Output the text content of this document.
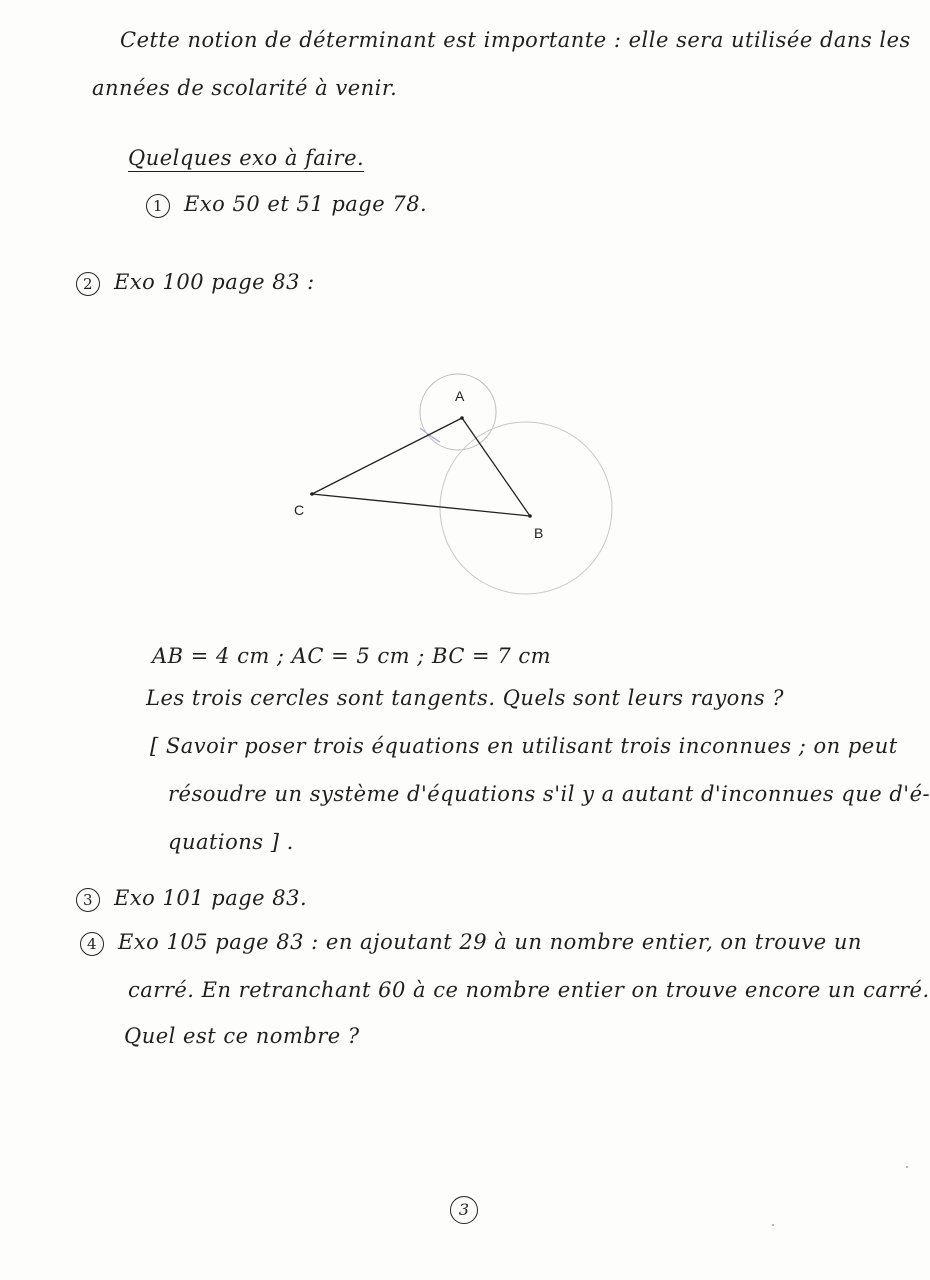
Cette notion de déterminant est importante : elle sera utilisée dans les
années de scolarité à venir.
Quelques exo à faire.
1 Exo 50 et 51 page 78.
2 Exo 100 page 83 :
A
B
C
AB = 4 cm ; AC = 5 cm ; BC = 7 cm
Les trois cercles sont tangents. Quels sont leurs rayons ?
[ Savoir poser trois équations en utilisant trois inconnues ; on peut
résoudre un système d'équations s'il y a autant d'inconnues que d'é-
quations ] .
3 Exo 101 page 83.
4 Exo 105 page 83 : en ajoutant 29 à un nombre entier, on trouve un
carré. En retranchant 60 à ce nombre entier on trouve encore un carré.
Quel est ce nombre ?
3
